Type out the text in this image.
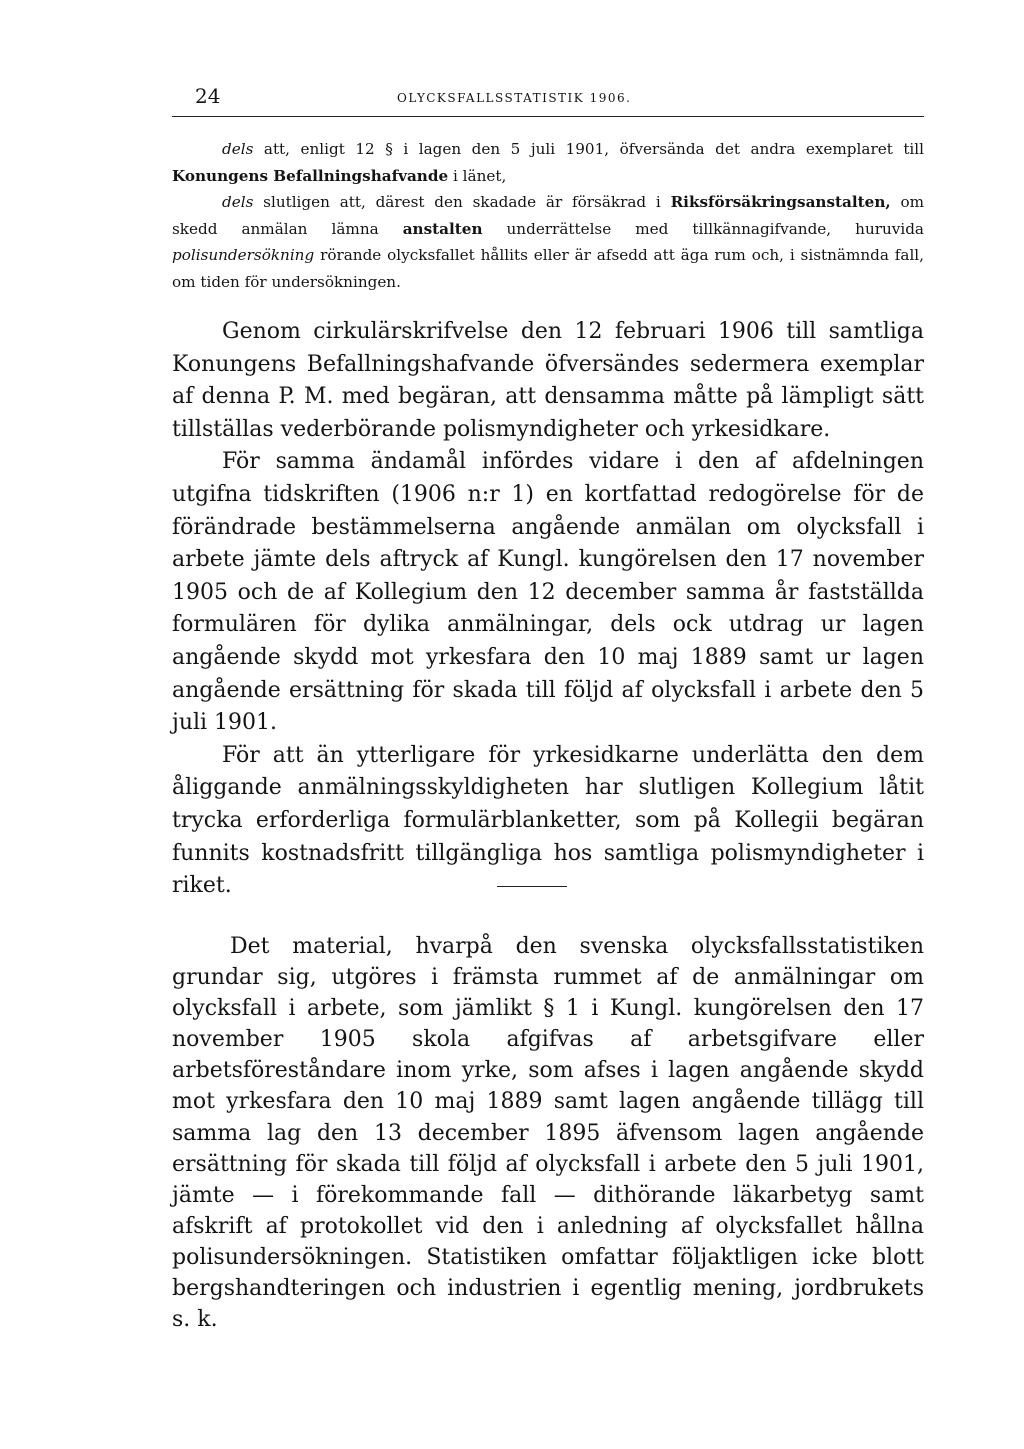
24	OLYCKSFALLSSTATISTIK 1906.

dels att, enligt 12 § i lagen den 5 juli 1901, öfversända det andra exemplaret till Konungens Befallningshafvande i länet,

dels slutligen att, därest den skadade är försäkrad i Riksförsäkringsanstalten, om skedd anmälan lämna anstalten underrättelse med tillkännagifvande, huruvida polisundersökning rörande olycksfallet hållits eller är afsedd att äga rum och, i sistnämnda fall, om tiden för undersökningen.

Genom cirkulärskrifvelse den 12 februari 1906 till samtliga Konungens Befallningshafvande öfversändes sedermera exemplar af denna P. M. med begäran, att densamma måtte på lämpligt sätt tillställas vederbörande polismyndigheter och yrkesidkare.

För samma ändamål infördes vidare i den af afdelningen utgifna tidskriften (1906 n:r 1) en kortfattad redogörelse för de förändrade bestämmelserna angående anmälan om olycksfall i arbete jämte dels aftryck af Kungl. kungörelsen den 17 november 1905 och de af Kollegium den 12 december samma år fastställda formulären för dylika anmälningar, dels ock utdrag ur lagen angående skydd mot yrkesfara den 10 maj 1889 samt ur lagen angående ersättning för skada till följd af olycksfall i arbete den 5 juli 1901.

För att än ytterligare för yrkesidkarne underlätta den dem åliggande anmälningsskyldigheten har slutligen Kollegium låtit trycka erforderliga formulärblanketter, som på Kollegii begäran funnits kostnadsfritt tillgängliga hos samtliga polismyndigheter i riket.

Det material, hvarpå den svenska olycksfallsstatistiken grundar sig, utgöres i främsta rummet af de anmälningar om olycksfall i arbete, som jämlikt § 1 i Kungl. kungörelsen den 17 november 1905 skola afgifvas af arbetsgifvare eller arbetsföreståndare inom yrke, som afses i lagen angående skydd mot yrkesfara den 10 maj 1889 samt lagen angående tillägg till samma lag den 13 december 1895 äfvensom lagen angående ersättning för skada till följd af olycksfall i arbete den 5 juli 1901, jämte — i förekommande fall — dithörande läkarbetyg samt afskrift af protokollet vid den i anledning af olycksfallet hållna polisundersökningen. Statistiken omfattar följaktligen icke blott bergshandteringen och industrien i egentlig mening, jordbrukets s. k.
